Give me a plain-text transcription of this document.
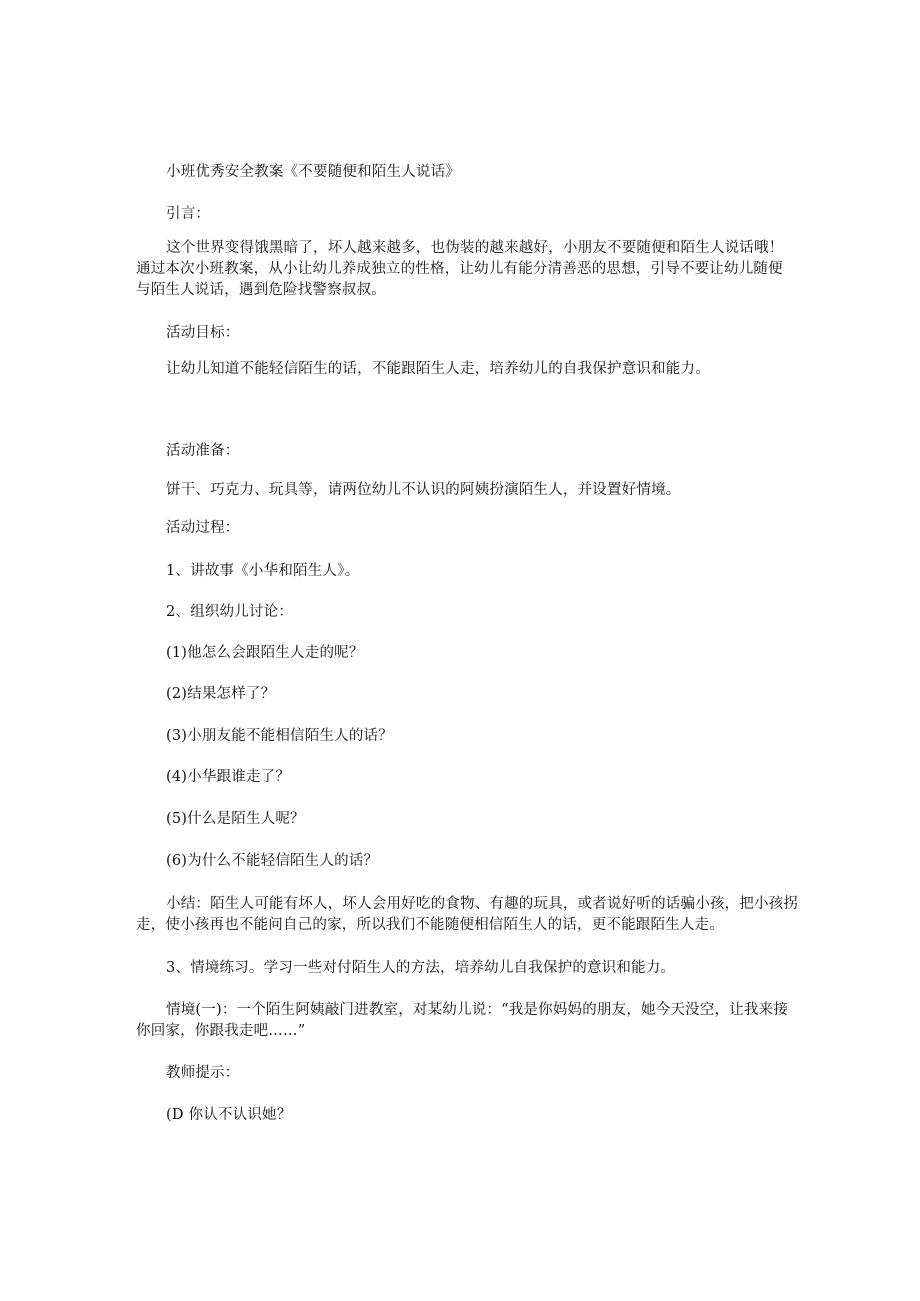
小班优秀安全教案《不要随便和陌生人说话》
引言：
这个世界变得饿黑暗了，坏人越来越多，也伪装的越来越好，小朋友不要随便和陌生人说话哦！
通过本次小班教案，从小让幼儿养成独立的性格，让幼儿有能分清善恶的思想，引导不要让幼儿随便
与陌生人说话，遇到危险找警察叔叔。
活动目标：
让幼儿知道不能轻信陌生的话，不能跟陌生人走，培养幼儿的自我保护意识和能力。
活动准备：
饼干、巧克力、玩具等，请两位幼儿不认识的阿姨扮演陌生人，并设置好情境。
活动过程：
1、讲故事《小华和陌生人》。
2、组织幼儿讨论：
(1)他怎么会跟陌生人走的呢？
(2)结果怎样了？
(3)小朋友能不能相信陌生人的话？
(4)小华跟谁走了？
(5)什么是陌生人呢？
(6)为什么不能轻信陌生人的话？
小结：陌生人可能有坏人，坏人会用好吃的食物、有趣的玩具，或者说好听的话骗小孩，把小孩拐
走，使小孩再也不能问自己的家，所以我们不能随便相信陌生人的话，更不能跟陌生人走。
3、情境练习。学习一些对付陌生人的方法，培养幼儿自我保护的意识和能力。
情境(一)：一个陌生阿姨敲门进教室，对某幼儿说：“我是你妈妈的朋友，她今天没空，让我来接
你回家，你跟我走吧……”
教师提示：
(D 你认不认识她？
